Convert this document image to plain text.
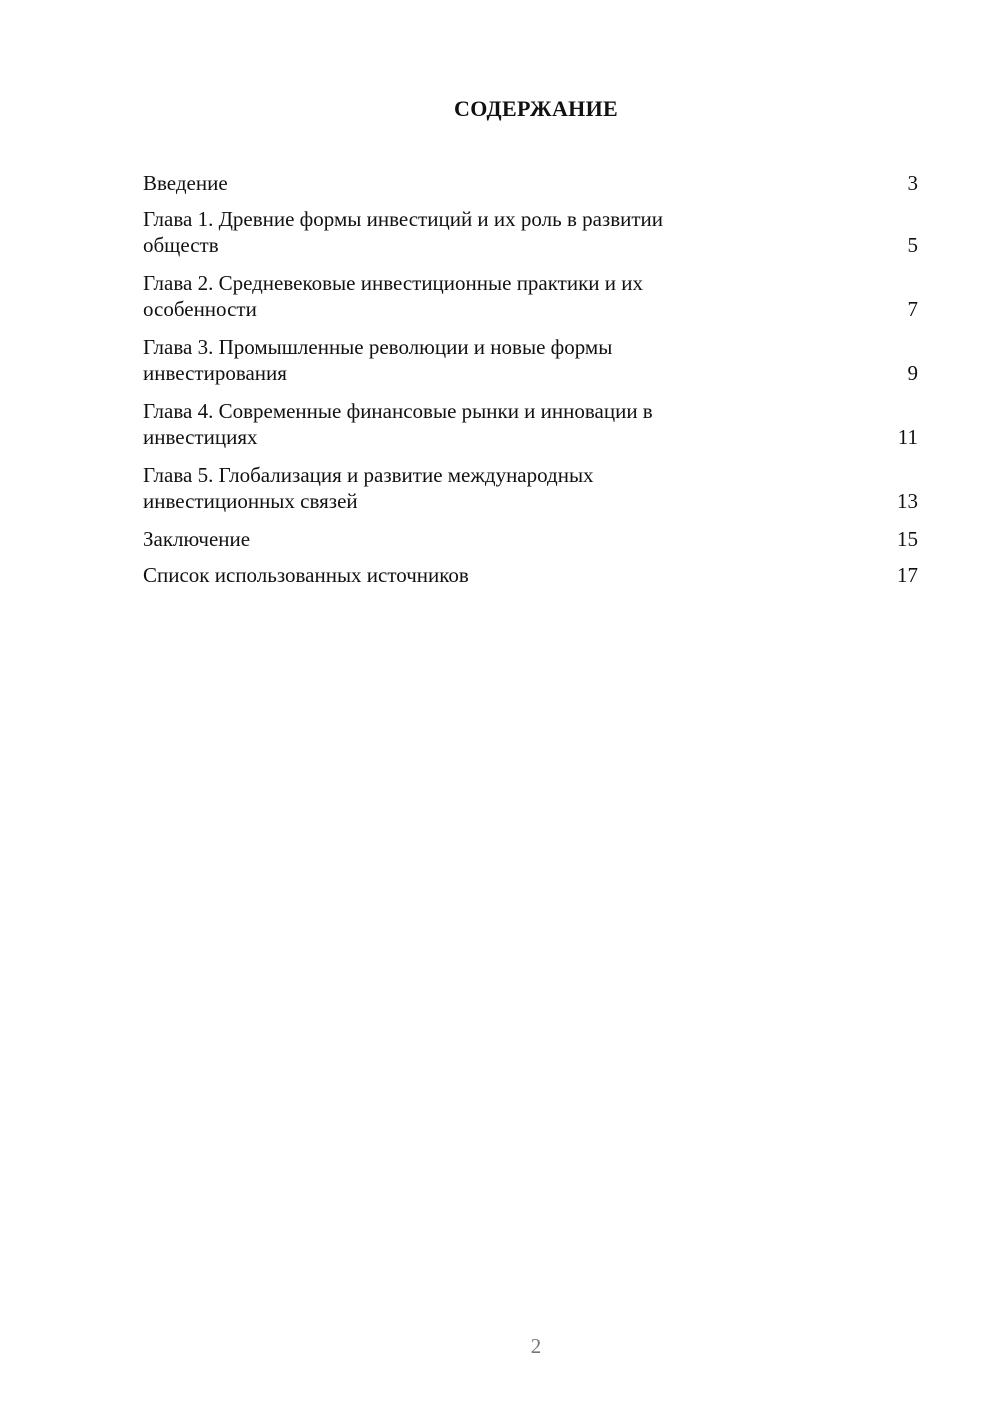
СОДЕРЖАНИЕ
Введение	3
Глава 1. Древние формы инвестиций и их роль в развитии
обществ	5
Глава 2. Средневековые инвестиционные практики и их
особенности	7
Глава 3. Промышленные революции и новые формы
инвестирования	9
Глава 4. Современные финансовые рынки и инновации в
инвестициях	11
Глава 5. Глобализация и развитие международных
инвестиционных связей	13
Заключение	15
Список использованных источников	17
2
